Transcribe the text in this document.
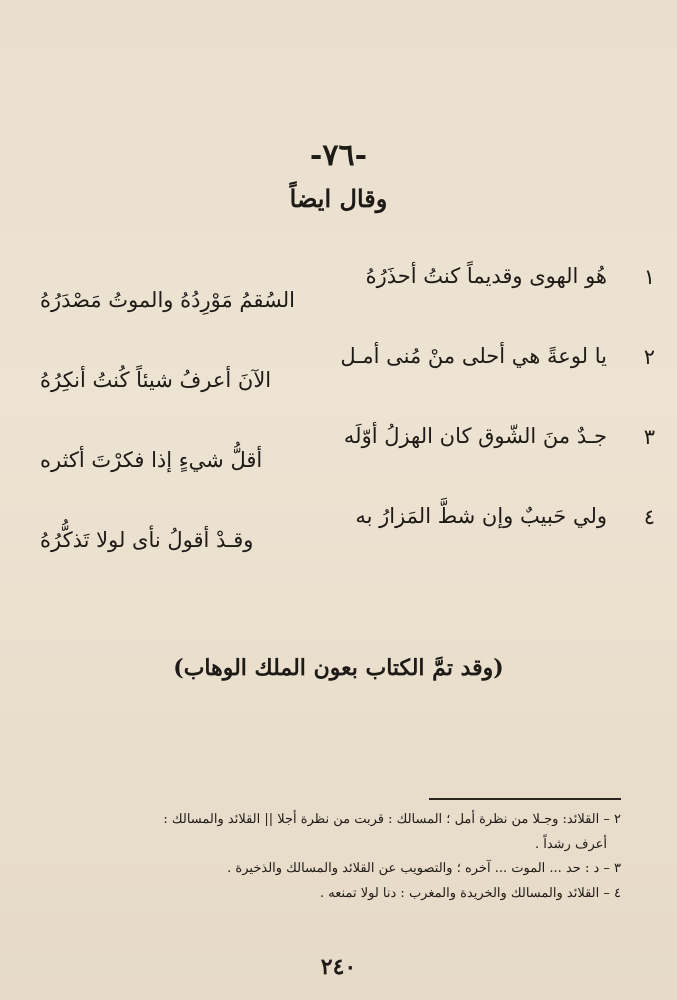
-٧٦-
وقال ايضاً
١
هُو الهوى وقديماً كنتُ أحذَرُهُ
السُقمُ مَوْرِدُهُ والموتُ مَصْدَرُهُ
٢
يا لوعةً هي أحلى منْ مُنى أمـل
الآنَ أعرفُ شيئاً كُنتُ أنكِرُهُ
٣
جـدٌ منَ الشّوق كان الهزلُ أوّلَه
أقلُّ شيءٍ إذا فكرْتَ أكثره
٤
ولي حَبيبٌ وإن شطَّ المَزارُ به
وقـدْ أقولُ نأى لولا تَذكُّرُهُ
(وقد تمَّ الكتاب بعون الملك الوهاب)
٢ – القلائد: وجـلا من نظرة أمل ؛ المسالك : قربت من نظرة أجلا || القلائد والمسالك :
أعرف رشداً .
٣ – د : حد ... الموت ... آخره ؛ والتصويب عن القلائد والمسالك والذخيرة .
٤ – القلائد والمسالك والخريدة والمغرب : دنا لولا تمنعه .
٢٤٠
